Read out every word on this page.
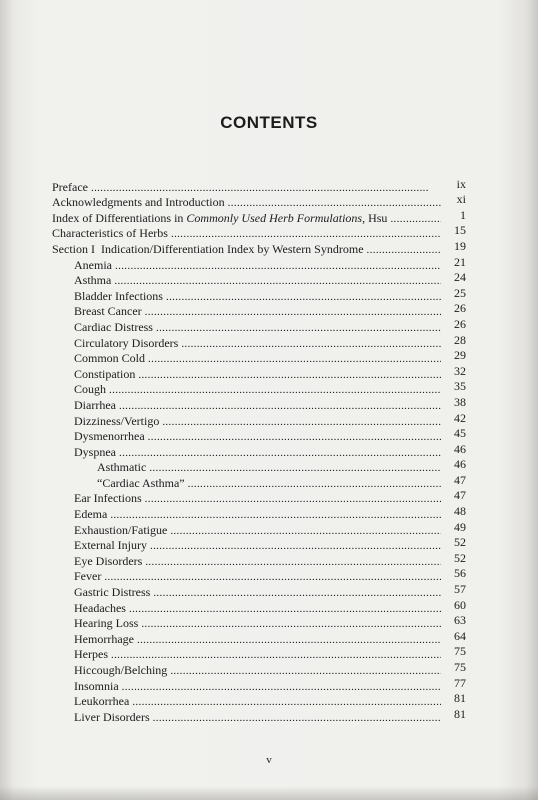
CONTENTS
Preface . . .	ix
Acknowledgments and Introduction . . .	xi
Index of Differentiations in Commonly Used Herb Formulations, Hsu . . .	1
Characteristics of Herbs . . .	15
Section I  Indication/Differentiation Index by Western Syndrome . . .	19
Anemia . . .	21
Asthma . . .	24
Bladder Infections . . .	25
Breast Cancer . . .	26
Cardiac Distress . . .	26
Circulatory Disorders . . .	28
Common Cold . . .	29
Constipation . . .	32
Cough . . .	35
Diarrhea . . .	38
Dizziness/Vertigo . . .	42
Dysmenorrhea . . .	45
Dyspnea . . .	46
Asthmatic . . .	46
“Cardiac Asthma” . . .	47
Ear Infections . . .	47
Edema . . .	48
Exhaustion/Fatigue . . .	49
External Injury . . .	52
Eye Disorders . . .	52
Fever . . .	56
Gastric Distress . . .	57
Headaches . . .	60
Hearing Loss . . .	63
Hemorrhage . . .	64
Herpes . . .	75
Hiccough/Belching . . .	75
Insomnia . . .	77
Leukorrhea . . .	81
Liver Disorders . . .	81
v
